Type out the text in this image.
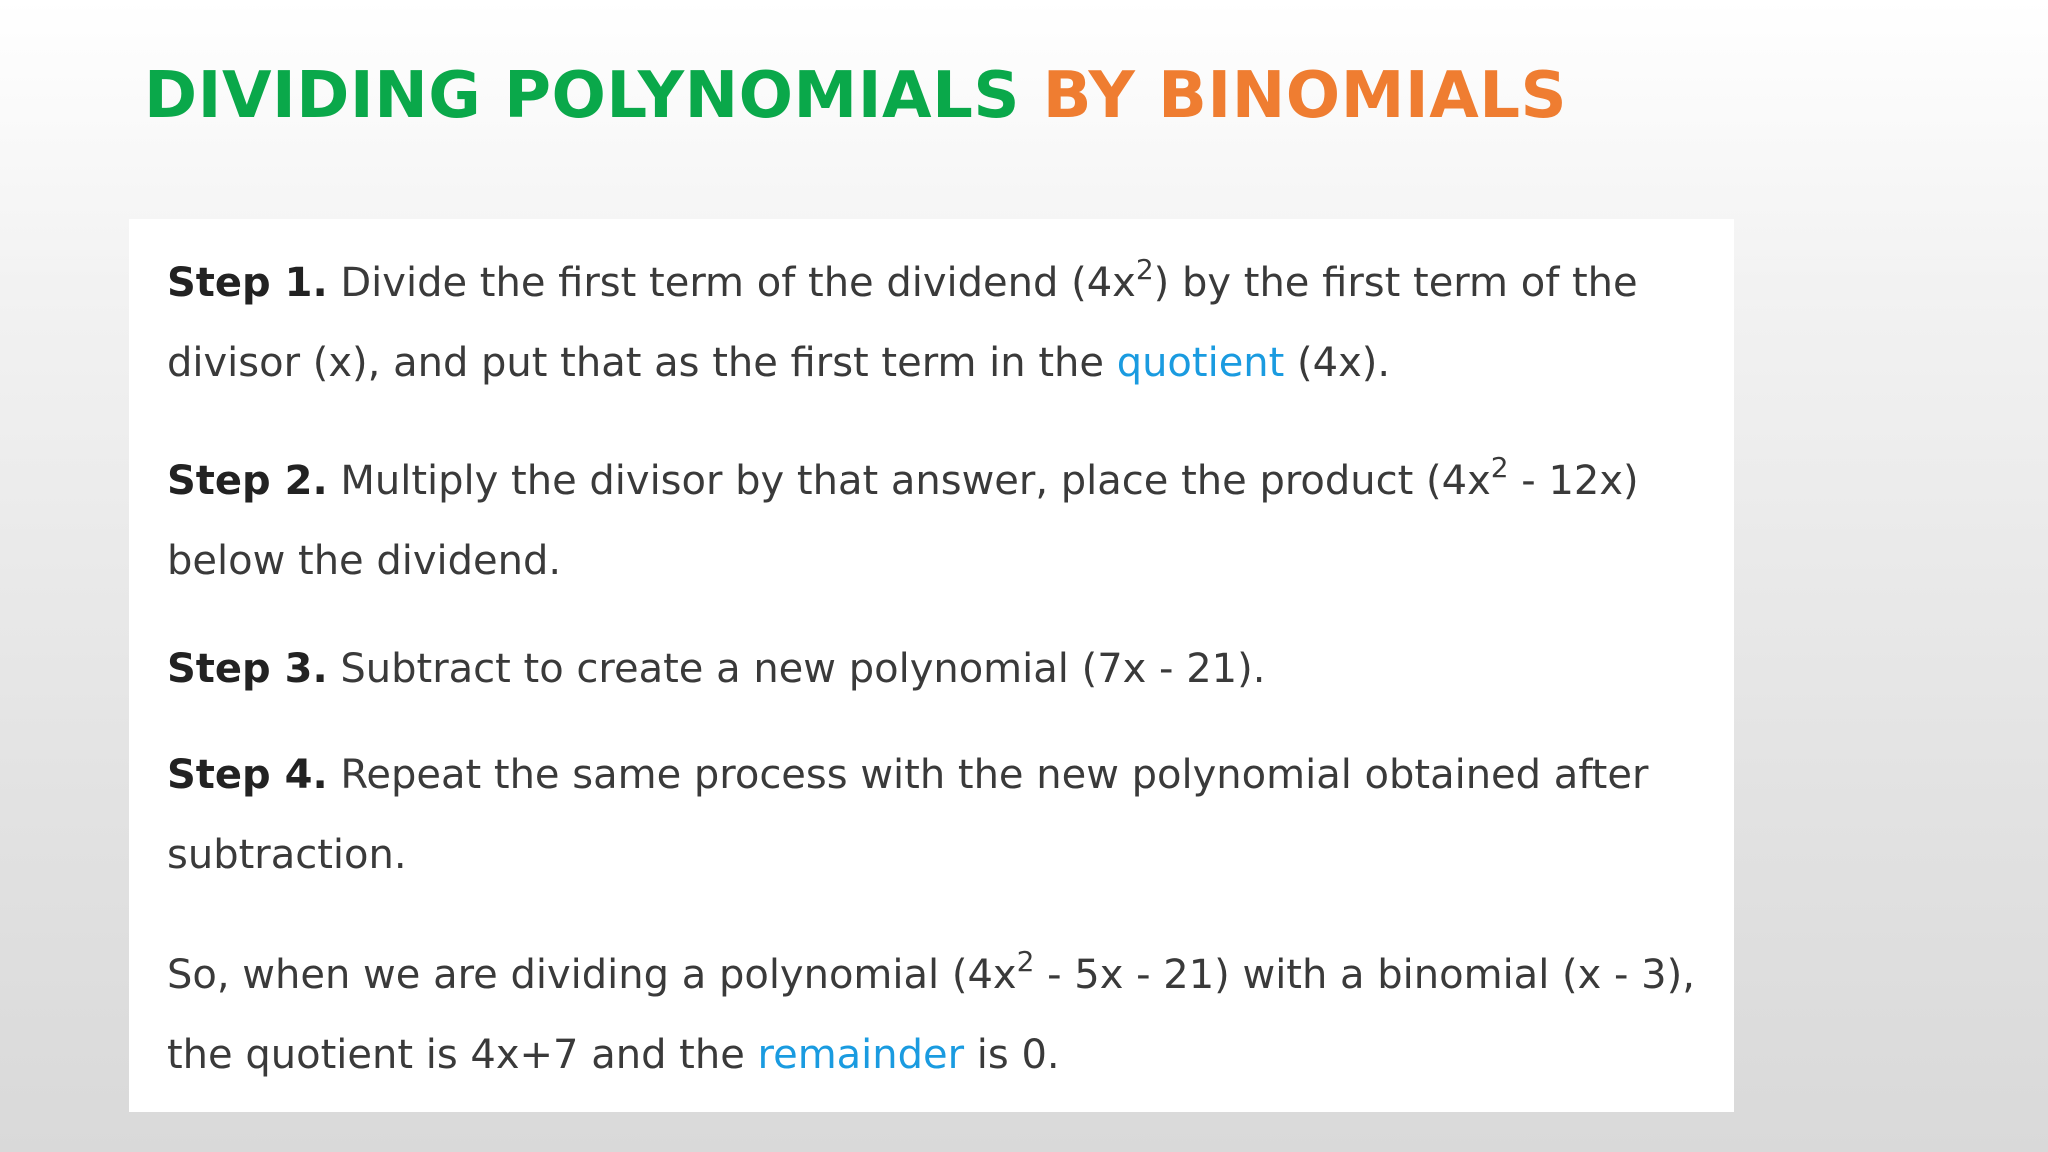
DIVIDING POLYNOMIALS BY BINOMIALS

Step 1. Divide the first term of the dividend $(4x^2)$ by the first term of the divisor (x), and put that as the first term in the quotient (4x).

Step 2. Multiply the divisor by that answer, place the product $(4x^2 - 12x)$ below the dividend.

Step 3. Subtract to create a new polynomial (7x - 21).

Step 4. Repeat the same process with the new polynomial obtained after subtraction.

So, when we are dividing a polynomial $(4x^2 - 5x - 21)$ with a binomial (x - 3), the quotient is 4x+7 and the remainder is 0.
